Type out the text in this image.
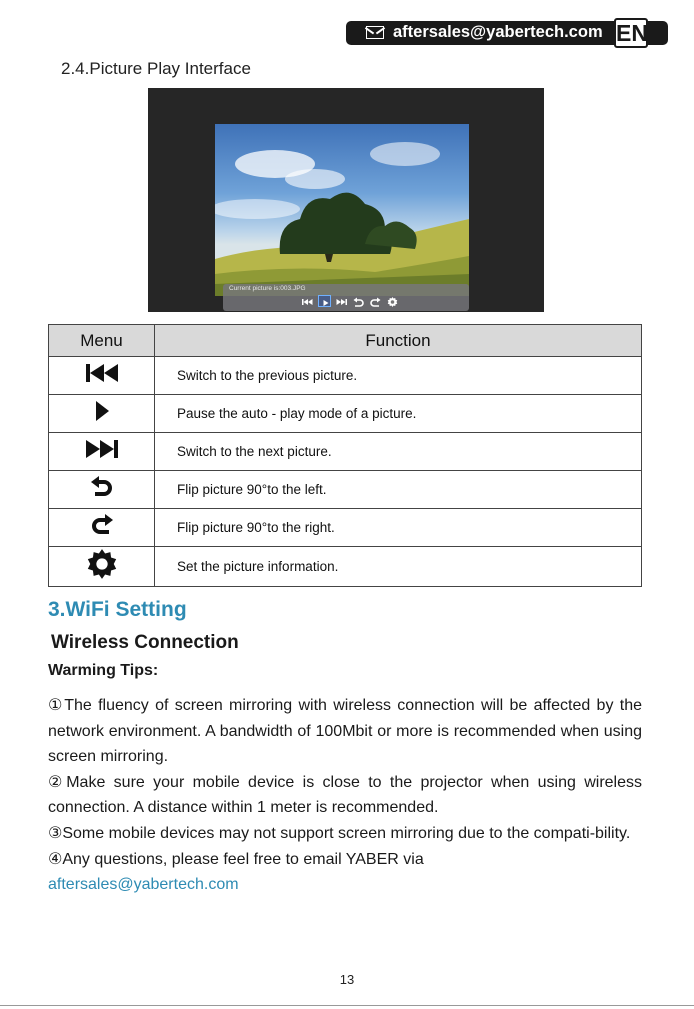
aftersales@yabertech.com EN
2.4.Picture Play Interface
Current picture is:003.JPG
Menu	Function
	Switch to the previous picture.
	Pause the auto - play mode of a picture.
	Switch to the next picture.
	Flip picture 90°to the left.
	Flip picture 90°to the right.
	Set the picture information.
3.WiFi Setting
Wireless Connection
Warming Tips:

①The fluency of screen mirroring with wireless connection will be affected by the network environment. A bandwidth of 100Mbit or more is recommended when using screen mirroring.

②Make sure your mobile device is close to the projector when using wireless connection. A distance within 1 meter is recommended.

③Some mobile devices may not support screen mirroring due to the compati-bility.

④Any questions, please feel free to email YABER via

aftersales@yabertech.com

13
